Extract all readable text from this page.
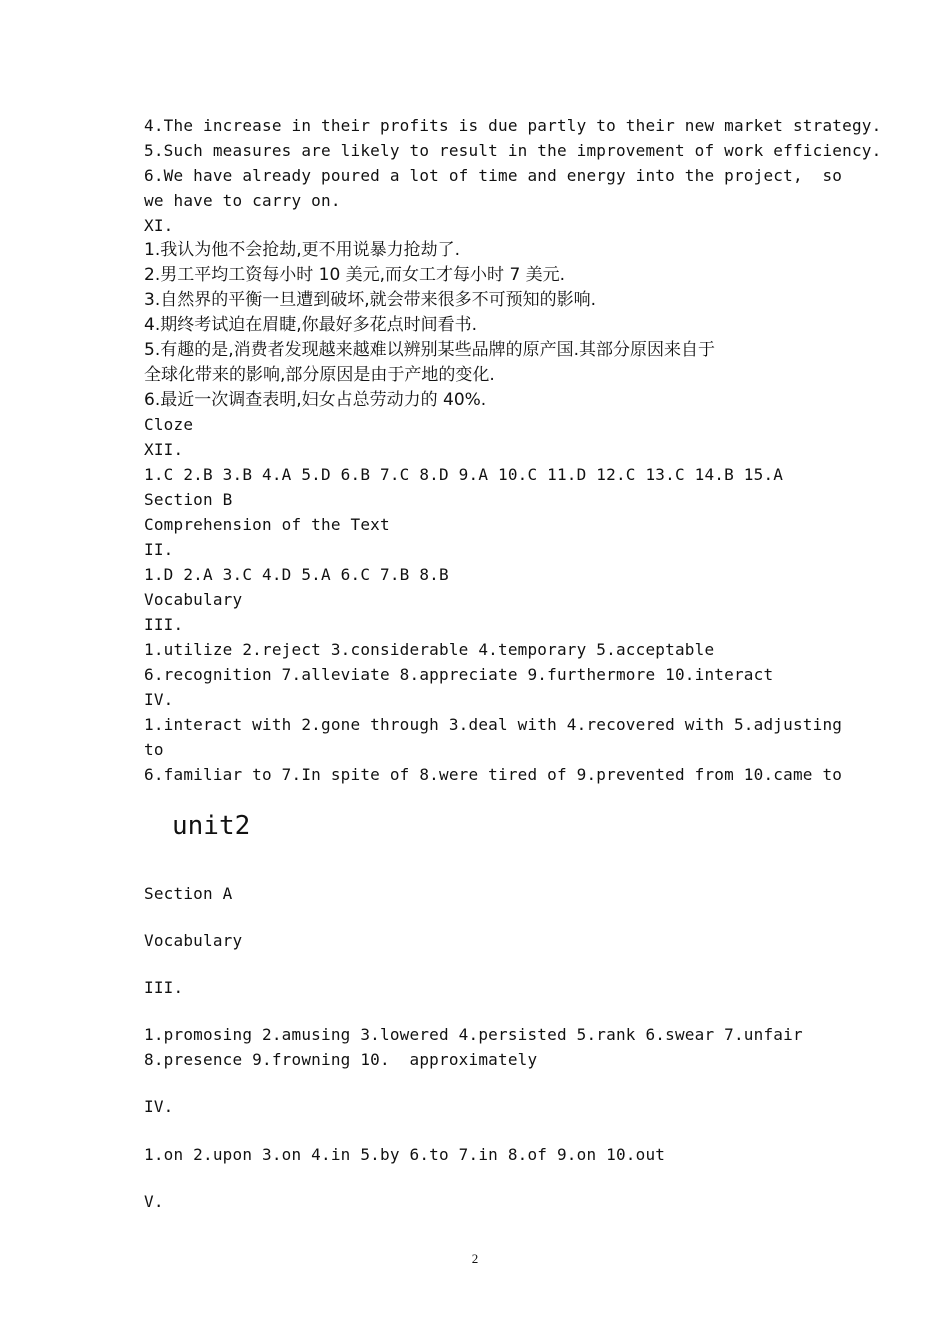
4.The increase in their profits is due partly to their new market strategy.
5.Such measures are likely to result in the improvement of work efficiency.
6.We have already poured a lot of time and energy into the project,  so
we have to carry on.
XI.
1.我认为他不会抢劫,更不用说暴力抢劫了.
2.男工平均工资每小时 10 美元,而女工才每小时 7 美元.
3.自然界的平衡一旦遭到破坏,就会带来很多不可预知的影响.
4.期终考试迫在眉睫,你最好多花点时间看书.
5.有趣的是,消费者发现越来越难以辨别某些品牌的原产国.其部分原因来自于
全球化带来的影响,部分原因是由于产地的变化.
6.最近一次调查表明,妇女占总劳动力的 40%.
Cloze
XII.
1.C 2.B 3.B 4.A 5.D 6.B 7.C 8.D 9.A 10.C 11.D 12.C 13.C 14.B 15.A
Section B
Comprehension of the Text
II.
1.D 2.A 3.C 4.D 5.A 6.C 7.B 8.B
Vocabulary
III.
1.utilize 2.reject 3.considerable 4.temporary 5.acceptable
6.recognition 7.alleviate 8.appreciate 9.furthermore 10.interact
IV.
1.interact with 2.gone through 3.deal with 4.recovered with 5.adjusting
to
6.familiar to 7.In spite of 8.were tired of 9.prevented from 10.came to
unit2
Section A
Vocabulary
III.
1.promosing 2.amusing 3.lowered 4.persisted 5.rank 6.swear 7.unfair
8.presence 9.frowning 10.  approximately
IV.
1.on 2.upon 3.on 4.in 5.by 6.to 7.in 8.of 9.on 10.out
V.
2
